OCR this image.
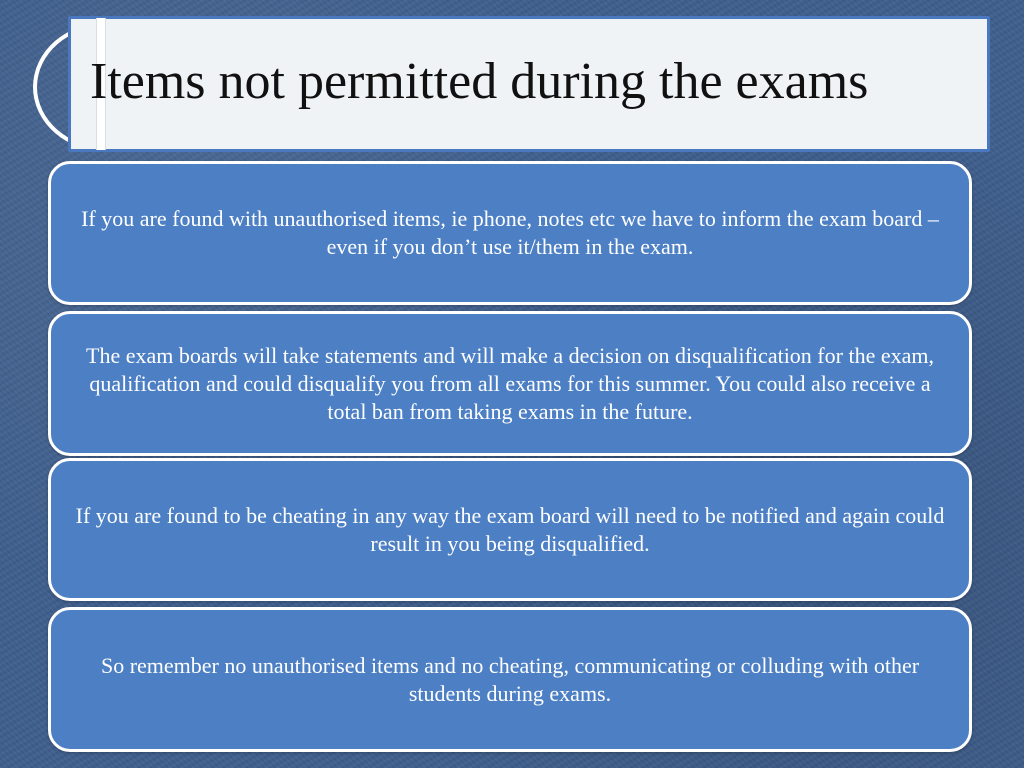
Items not permitted during the exams

If you are found with unauthorised items, ie phone, notes etc we have to inform the exam board – even if you don’t use it/them in the exam.

The exam boards will take statements and will make a decision on disqualification for the exam, qualification and could disqualify you from all exams for this summer. You could also receive a total ban from taking exams in the future.

If you are found to be cheating in any way the exam board will need to be notified and again could result in you being disqualified.

So remember no unauthorised items and no cheating, communicating or colluding with other students during exams.
